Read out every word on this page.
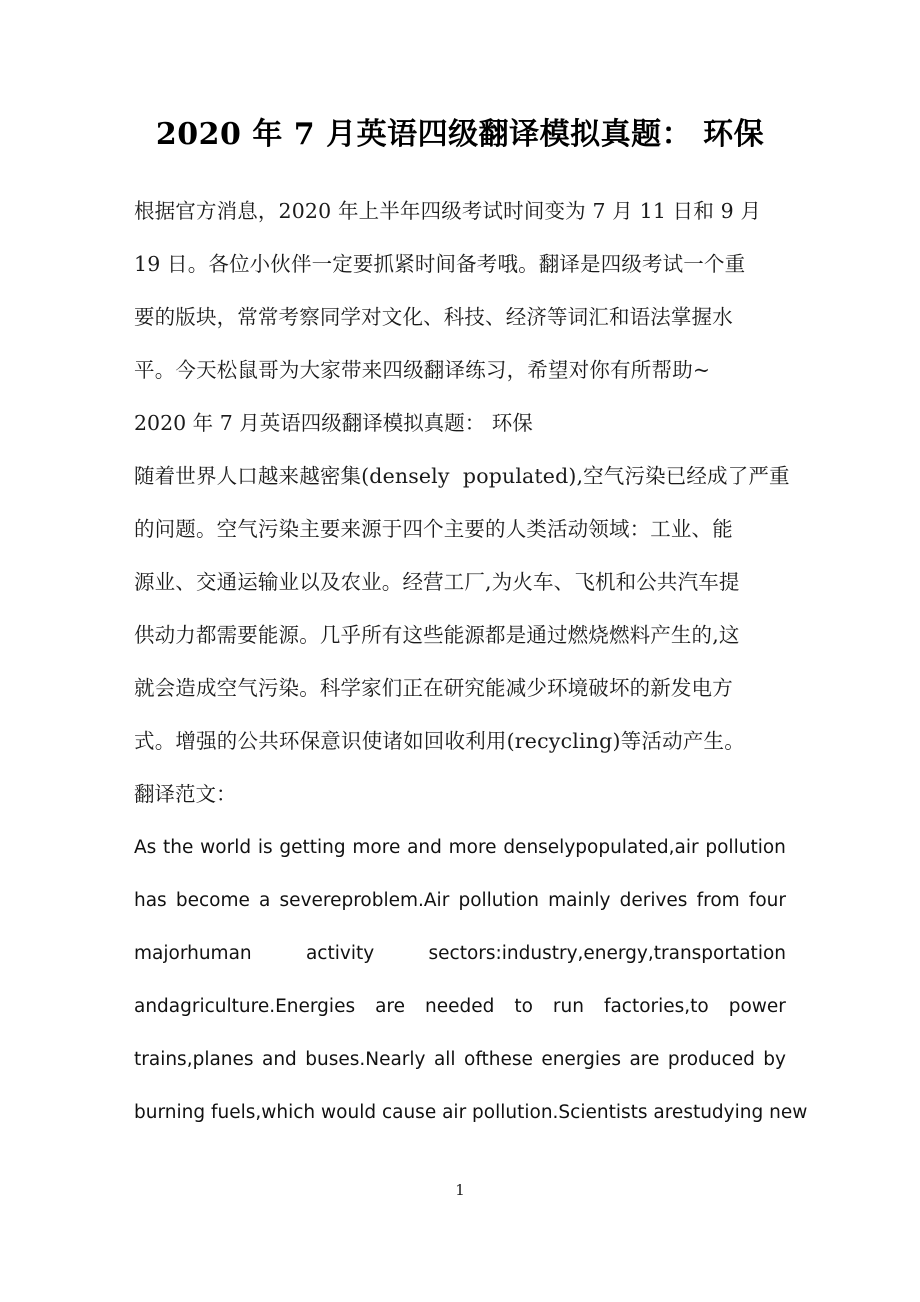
2020 年 7 月英语四级翻译模拟真题： 环保
根据官方消息，2020 年上半年四级考试时间变为 7 月 11 日和 9 月
19 日。各位小伙伴一定要抓紧时间备考哦。翻译是四级考试一个重
要的版块，常常考察同学对文化、科技、经济等词汇和语法掌握水
平。今天松鼠哥为大家带来四级翻译练习，希望对你有所帮助~

2020 年 7 月英语四级翻译模拟真题： 环保

随着世界人口越来越密集(densely  populated),空气污染已经成了严重
的问题。空气污染主要来源于四个主要的人类活动领域：工业、能
源业、交通运输业以及农业。经营工厂,为火车、飞机和公共汽车提
供动力都需要能源。几乎所有这些能源都是通过燃烧燃料产生的,这
就会造成空气污染。科学家们正在研究能减少环境破坏的新发电方
式。增强的公共环保意识使诸如回收利用(recycling)等活动产生。

翻译范文：

As the world is getting more and more denselypopulated,air pollution
has become a severeproblem.Air pollution mainly derives from four
majorhuman	activity	sectors:industry,energy,transportation
andagriculture.Energies are needed to run factories,to power
trains,planes and buses.Nearly all ofthese energies are produced by
burning fuels,which would cause air pollution.Scientists arestudying new
1
